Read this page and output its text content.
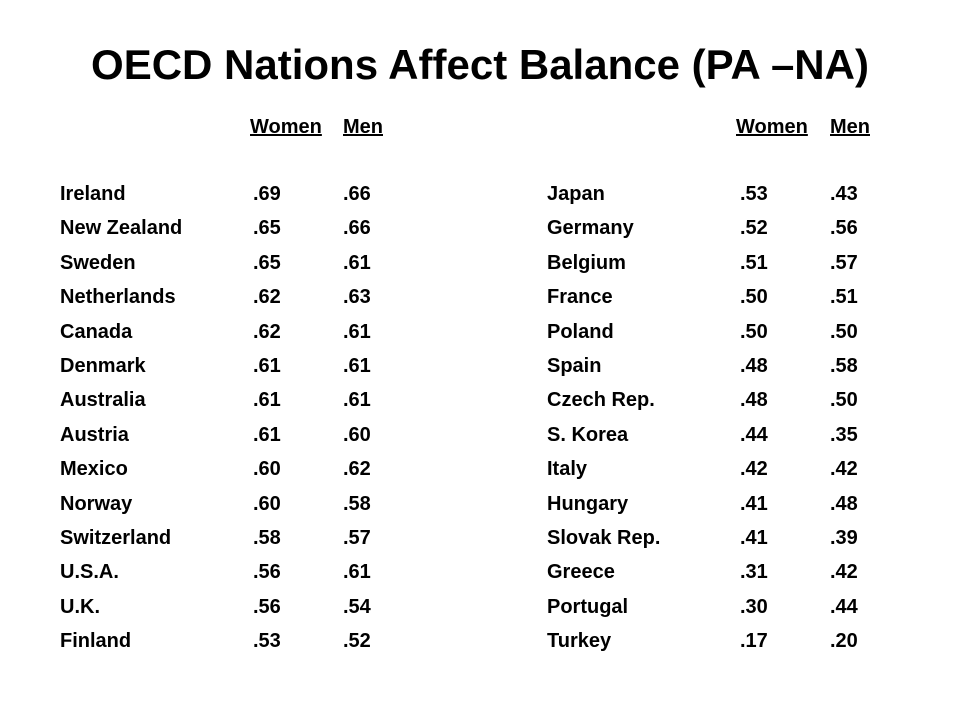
OECD Nations Affect Balance (PA –NA)
Women Men	Women Men
Ireland	.69	.66
New Zealand	.65	.66
Sweden	.65	.61
Netherlands	.62	.63
Canada	.62	.61
Denmark	.61	.61
Australia	.61	.61
Austria	.61	.60
Mexico	.60	.62
Norway	.60	.58
Switzerland	.58	.57
U.S.A.	.56	.61
U.K.	.56	.54
Finland	.53	.52
Japan	.53	.43
Germany	.52	.56
Belgium	.51	.57
France	.50	.51
Poland	.50	.50
Spain	.48	.58
Czech Rep.	.48	.50
S. Korea	.44	.35
Italy	.42	.42
Hungary	.41	.48
Slovak Rep.	.41	.39
Greece	.31	.42
Portugal	.30	.44
Turkey	.17	.20
